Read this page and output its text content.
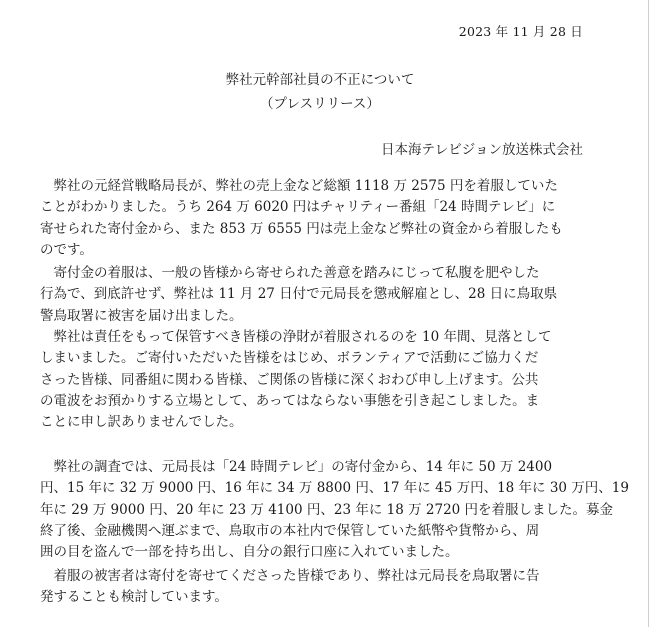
2023 年 11 月 28 日
弊社元幹部社員の不正について
（プレスリリース）
日本海テレビジョン放送株式会社
　弊社の元経営戦略局長が、弊社の売上金など総額 1118 万 2575 円を着服していた
ことがわかりました。うち 264 万 6020 円はチャリティー番組「24 時間テレビ」に
寄せられた寄付金から、また 853 万 6555 円は売上金など弊社の資金から着服したも
のです。
　寄付金の着服は、一般の皆様から寄せられた善意を踏みにじって私腹を肥やした
行為で、到底許せず、弊社は 11 月 27 日付で元局長を懲戒解雇とし、28 日に鳥取県
警鳥取署に被害を届け出ました。
　弊社は責任をもって保管すべき皆様の浄財が着服されるのを 10 年間、見落として
しまいました。ご寄付いただいた皆様をはじめ、ボランティアで活動にご協力くだ
さった皆様、同番組に関わる皆様、ご関係の皆様に深くおわび申し上げます。公共
の電波をお預かりする立場として、あってはならない事態を引き起こしました。ま
ことに申し訳ありませんでした。
　弊社の調査では、元局長は「24 時間テレビ」の寄付金から、14 年に 50 万 2400
円、15 年に 32 万 9000 円、16 年に 34 万 8800 円、17 年に 45 万円、18 年に 30 万円、19
年に 29 万 9000 円、20 年に 23 万 4100 円、23 年に 18 万 2720 円を着服しました。募金
終了後、金融機関へ運ぶまで、鳥取市の本社内で保管していた紙幣や貨幣から、周
囲の目を盗んで一部を持ち出し、自分の銀行口座に入れていました。
　着服の被害者は寄付を寄せてくださった皆様であり、弊社は元局長を鳥取署に告
発することも検討しています。
